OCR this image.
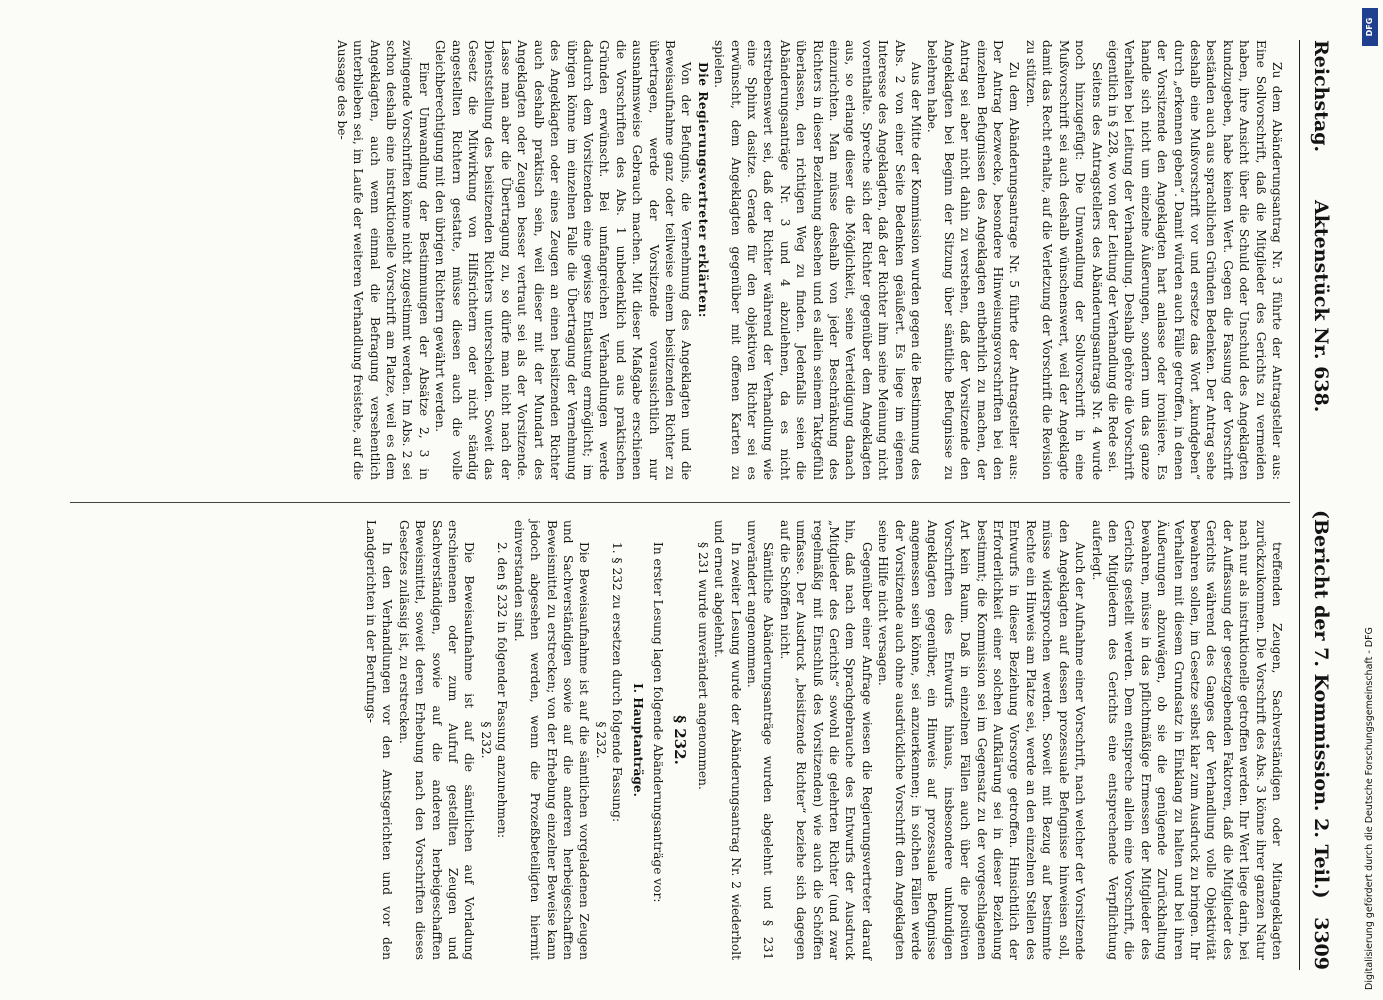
Reichstag.
Aktenstück Nr. 638.
(Bericht der 7. Kommission. 2. Teil.)
3309

Zu dem Abänderungsantrag Nr. 3 führte der Antragsteller aus: Eine Sollvorschrift, daß die Mitglieder des Gerichts zu vermeiden haben, ihre Ansicht über die Schuld oder Unschuld des Angeklagten kundzugeben, habe keinen Wert. Gegen die Fassung der Vorschrift beständen auch aus sprachlichen Gründen Bedenken. Der Antrag sehe deshalb eine Mußvorschrift vor und ersetze das Wort „kundgeben“ durch „erkennen geben“. Damit würden auch Fälle getroffen, in denen der Vorsitzende den Angeklagten hart anlasse oder ironisiere. Es handle sich nicht um einzelne Äußerungen, sondern um das ganze Verhalten bei Leitung der Verhandlung. Deshalb gehöre die Vorschrift eigentlich in § 228, wo von der Leitung der Verhandlung die Rede sei.

Seitens des Antragstellers des Abänderungsantrags Nr. 4 wurde noch hinzugefügt: Die Umwandlung der Sollvorschrift in eine Mußvorschrift sei auch deshalb wünschenswert, weil der Angeklagte damit das Recht erhalte, auf die Verletzung der Vorschrift die Revision zu stützen.

Zu dem Abänderungsantrage Nr. 5 führte der Antragsteller aus: Der Antrag bezwecke, besondere Hinweisungsvorschriften bei den einzelnen Befugnissen des Angeklagten entbehrlich zu machen, der Antrag sei aber nicht dahin zu verstehen, daß der Vorsitzende den Angeklagten bei Beginn der Sitzung über sämtliche Befugnisse zu belehren habe.

Aus der Mitte der Kommission wurden gegen die Bestimmung des Abs. 2 von einer Seite Bedenken geäußert. Es liege im eigenen Interesse des Angeklagten, daß der Richter ihm seine Meinung nicht vorenthalte. Spreche sich der Richter gegenüber dem Angeklagten aus, so erlange dieser die Möglichkeit, seine Verteidigung danach einzurichten. Man müsse deshalb von jeder Beschränkung des Richters in dieser Beziehung absehen und es allein seinem Taktgefühl überlassen, den richtigen Weg zu finden. Jedenfalls seien die Abänderungsanträge Nr. 3 und 4 abzulehnen, da es nicht erstrebenswert sei, daß der Richter während der Verhandlung wie eine Sphinx dasitze. Gerade für den objektiven Richter sei es erwünscht, dem Angeklagten gegenüber mit offenen Karten zu spielen.

Die Regierungsvertreter erklärten:

Von der Befugnis, die Vernehmung des Angeklagten und die Beweisaufnahme ganz oder teilweise einem beisitzenden Richter zu übertragen, werde der Vorsitzende voraussichtlich nur ausnahmsweise Gebrauch machen. Mit dieser Maßgabe erschienen die Vorschriften des Abs. 1 unbedenklich und aus praktischen Gründen erwünscht. Bei umfangreichen Verhandlungen werde dadurch dem Vorsitzenden eine gewisse Entlastung ermöglicht; im übrigen könne im einzelnen Falle die Übertragung der Vernehmung des Angeklagten oder eines Zeugen an einen beisitzenden Richter auch deshalb praktisch sein, weil dieser mit der Mundart des Angeklagten oder Zeugen besser vertraut sei als der Vorsitzende. Lasse man aber die Übertragung zu, so dürfe man nicht nach der Dienststellung des beisitzenden Richters unterscheiden. Soweit das Gesetz die Mitwirkung von Hilfsrichtern oder nicht ständig angestellten Richtern gestatte, müsse diesen auch die volle Gleichberechtigung mit den übrigen Richtern gewährt werden.

Einer Umwandlung der Bestimmungen der Absätze 2, 3 in zwingende Vorschriften könne nicht zugestimmt werden. Im Abs. 2 sei schon deshalb eine instruktionelle Vorschrift am Platze, weil es dem Angeklagten, auch wenn einmal die Befragung versehentlich unterblieben sei, im Laufe der weiteren Verhandlung freistehe, auf die Aussage des be-

treffenden Zeugen, Sachverständigen oder Mitangeklagten zurückzukommen. Die Vorschrift des Abs. 3 könne ihrer ganzen Natur nach nur als instruktionelle getroffen werden. Ihr Wert liege darin, bei der Auffassung der gesetzgebenden Faktoren, daß die Mitglieder des Gerichts während des Ganges der Verhandlung volle Objektivität bewahren sollen, im Gesetze selbst klar zum Ausdruck zu bringen. Ihr Verhalten mit diesem Grundsatz in Einklang zu halten und bei ihren Äußerungen abzuwägen, ob sie die genügende Zurückhaltung bewahren, müsse in das pflichtmäßige Ermessen der Mitglieder des Gerichts gestellt werden. Dem entspreche allein eine Vorschrift, die den Mitgliedern des Gerichts eine entsprechende Verpflichtung auferlegt.

Auch der Aufnahme einer Vorschrift, nach welcher der Vorsitzende den Angeklagten auf dessen prozessuale Befugnisse hinweisen soll, müsse widersprochen werden. Soweit mit Bezug auf bestimmte Rechte ein Hinweis am Platze sei, werde an den einzelnen Stellen des Entwurfs in dieser Beziehung Vorsorge getroffen. Hinsichtlich der Erforderlichkeit einer solchen Aufklärung sei in dieser Beziehung bestimmt; die Kommission sei im Gegensatz zu der vorgeschlagenen Art kein Raum. Daß in einzelnen Fällen auch über die positiven Vorschriften des Entwurfs hinaus, insbesondere unkundigen Angeklagten gegenüber, ein Hinweis auf prozessuale Befugnisse angemessen sein könne, sei anzuerkennen; in solchen Fällen werde der Vorsitzende auch ohne ausdrückliche Vorschrift dem Angeklagten seine Hilfe nicht versagen.

Gegenüber einer Anfrage wiesen die Regierungsvertreter darauf hin, daß nach dem Sprachgebrauche des Entwurfs der Ausdruck „Mitglieder des Gerichts“ sowohl die gelehrten Richter (und zwar regelmäßig mit Einschluß des Vorsitzenden) wie auch die Schöffen umfasse. Der Ausdruck „beisitzende Richter“ beziehe sich dagegen auf die Schöffen nicht.

Sämtliche Abänderungsanträge wurden abgelehnt und § 231 unverändert angenommen.

In zweiter Lesung wurde der Abänderungsantrag Nr. 2 wiederholt und erneut abgelehnt.

§ 231 wurde unverändert angenommen.

§ 232.

In erster Lesung lagen folgende Abänderungsanträge vor:

I. Hauptanträge.

1. § 232 zu ersetzen durch folgende Fassung:

§ 232.

Die Beweisaufnahme ist auf die sämtlichen vorgeladenen Zeugen und Sachverständigen sowie auf die anderen herbeigeschafften Beweismittel zu erstrecken; von der Erhebung einzelner Beweise kann jedoch abgesehen werden, wenn die Prozeßbeteiligten hiermit einverstanden sind.

2. den § 232 in folgender Fassung anzunehmen:

§ 232.

Die Beweisaufnahme ist auf die sämtlichen auf Vorladung erschienenen oder zum Aufruf gestellten Zeugen und Sachverständigen, sowie auf die anderen herbeigeschafften Beweismittel, soweit deren Erhebung nach den Vorschriften dieses Gesetzes zulässig ist, zu erstrecken.

In den Verhandlungen vor den Amtsgerichten und vor den Landgerichten in der Berufungs-

DFG
Digitalisierung gefördert durch die Deutsche Forschungsgemeinschaft - DFG
